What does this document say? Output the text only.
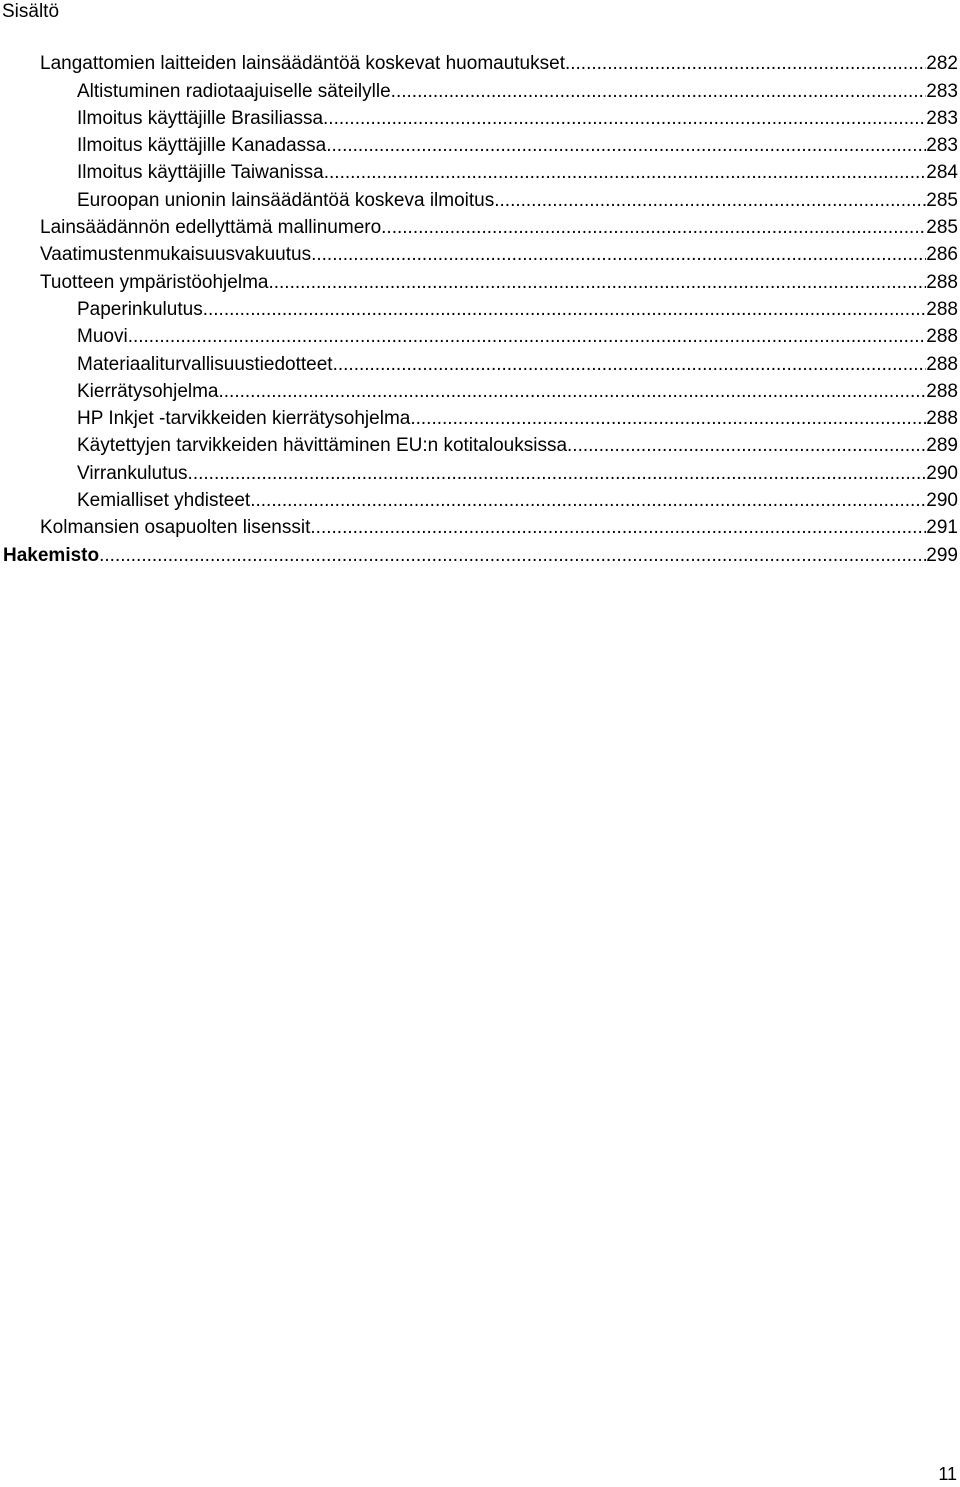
Sisältö
Langattomien laitteiden lainsäädäntöä koskevat huomautukset .....	282
Altistuminen radiotaajuiselle säteilylle .....	283
Ilmoitus käyttäjille Brasiliassa .....	283
Ilmoitus käyttäjille Kanadassa .....	283
Ilmoitus käyttäjille Taiwanissa .....	284
Euroopan unionin lainsäädäntöä koskeva ilmoitus .....	285
Lainsäädännön edellyttämä mallinumero .....	285
Vaatimustenmukaisuusvakuutus .....	286
Tuotteen ympäristöohjelma .....	288
Paperinkulutus .....	288
Muovi .....	288
Materiaaliturvallisuustiedotteet .....	288
Kierrätysohjelma .....	288
HP Inkjet -tarvikkeiden kierrätysohjelma .....	288
Käytettyjen tarvikkeiden hävittäminen EU:n kotitalouksissa .....	289
Virrankulutus .....	290
Kemialliset yhdisteet .....	290
Kolmansien osapuolten lisenssit .....	291
Hakemisto .....	299
11
